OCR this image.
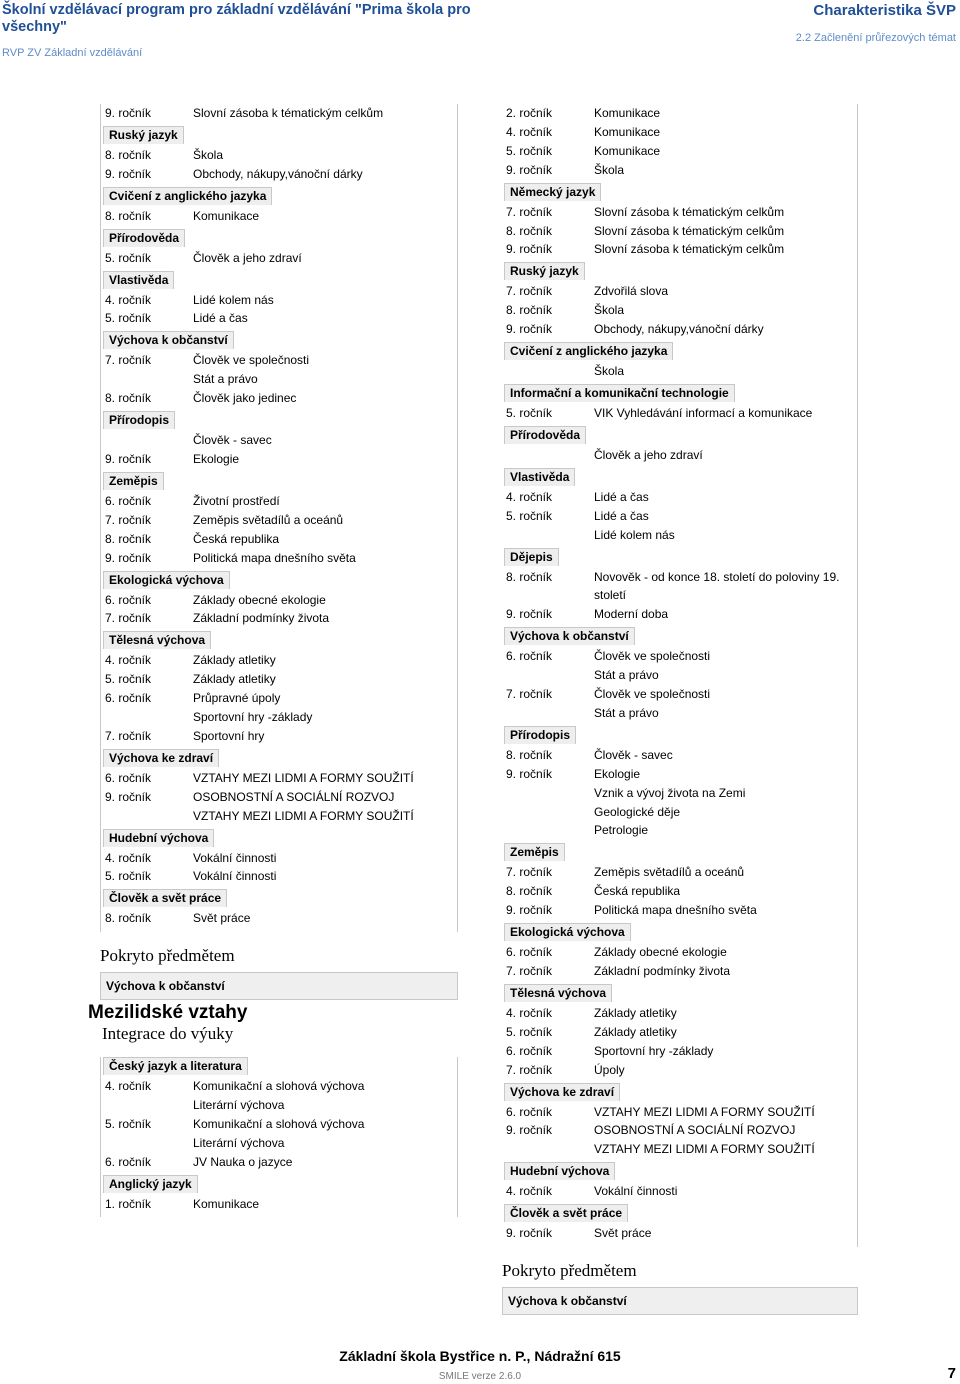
Školní vzdělávací program pro základní vzdělávání "Prima škola pro všechny"
RVP ZV Základní vzdělávání
Charakteristika ŠVP
2.2 Začlenění průřezových témat
9. ročník	Slovní zásoba k tématickým celkům
Ruský jazyk
8. ročník	Škola
9. ročník	Obchody, nákupy,vánoční dárky
Cvičení z anglického jazyka
8. ročník	Komunikace
Přírodověda
5. ročník	Člověk a jeho zdraví
Vlastivěda
4. ročník	Lidé kolem nás
5. ročník	Lidé a čas
Výchova k občanství
7. ročník	Člověk ve společnosti
Stát a právo
8. ročník	Člověk jako jedinec
Přírodopis
Člověk - savec
9. ročník	Ekologie
Zeměpis
6. ročník	Životní prostředí
7. ročník	Zeměpis světadílů a oceánů
8. ročník	Česká republika
9. ročník	Politická mapa dnešního světa
Ekologická výchova
6. ročník	Základy obecné ekologie
7. ročník	Základní podmínky života
Tělesná výchova
4. ročník	Základy atletiky
5. ročník	Základy atletiky
6. ročník	Průpravné úpoly
Sportovní hry -základy
7. ročník	Sportovní hry
Výchova ke zdraví
6. ročník	VZTAHY MEZI LIDMI A FORMY SOUŽITÍ
9. ročník	OSOBNOSTNÍ A SOCIÁLNÍ ROZVOJ
VZTAHY MEZI LIDMI A FORMY SOUŽITÍ
Hudební výchova
4. ročník	Vokální činnosti
5. ročník	Vokální činnosti
Člověk a svět práce
8. ročník	Svět práce
Pokryto předmětem
Výchova k občanství
Mezilidské vztahy
Integrace do výuky
Český jazyk a literatura
4. ročník	Komunikační a slohová výchova
Literární výchova
5. ročník	Komunikační a slohová výchova
Literární výchova
6. ročník	JV Nauka o jazyce
Anglický jazyk
1. ročník	Komunikace
2. ročník	Komunikace
4. ročník	Komunikace
5. ročník	Komunikace
9. ročník	Škola
Německý jazyk
7. ročník	Slovní zásoba k tématickým celkům
8. ročník	Slovní zásoba k tématickým celkům
9. ročník	Slovní zásoba k tématickým celkům
Ruský jazyk
7. ročník	Zdvořilá slova
8. ročník	Škola
9. ročník	Obchody, nákupy,vánoční dárky
Cvičení z anglického jazyka
Škola
Informační a komunikační technologie
5. ročník	VIK Vyhledávání informací a komunikace
Přírodověda
Člověk a jeho zdraví
Vlastivěda
4. ročník	Lidé a čas
5. ročník	Lidé a čas
Lidé kolem nás
Dějepis
8. ročník	Novověk - od konce 18. století do poloviny 19. století
9. ročník	Moderní doba
Výchova k občanství
6. ročník	Člověk ve společnosti
Stát a právo
7. ročník	Člověk ve společnosti
Stát a právo
Přírodopis
8. ročník	Člověk - savec
9. ročník	Ekologie
Vznik a vývoj života na Zemi
Geologické děje
Petrologie
Zeměpis
7. ročník	Zeměpis světadílů a oceánů
8. ročník	Česká republika
9. ročník	Politická mapa dnešního světa
Ekologická výchova
6. ročník	Základy obecné ekologie
7. ročník	Základní podmínky života
Tělesná výchova
4. ročník	Základy atletiky
5. ročník	Základy atletiky
6. ročník	Sportovní hry -základy
7. ročník	Úpoly
Výchova ke zdraví
6. ročník	VZTAHY MEZI LIDMI A FORMY SOUŽITÍ
9. ročník	OSOBNOSTNÍ A SOCIÁLNÍ ROZVOJ
VZTAHY MEZI LIDMI A FORMY SOUŽITÍ
Hudební výchova
4. ročník	Vokální činnosti
Člověk a svět práce
9. ročník	Svět práce
Pokryto předmětem
Výchova k občanství
Základní škola Bystřice n. P., Nádražní 615
SMILE verze 2.6.0	7
